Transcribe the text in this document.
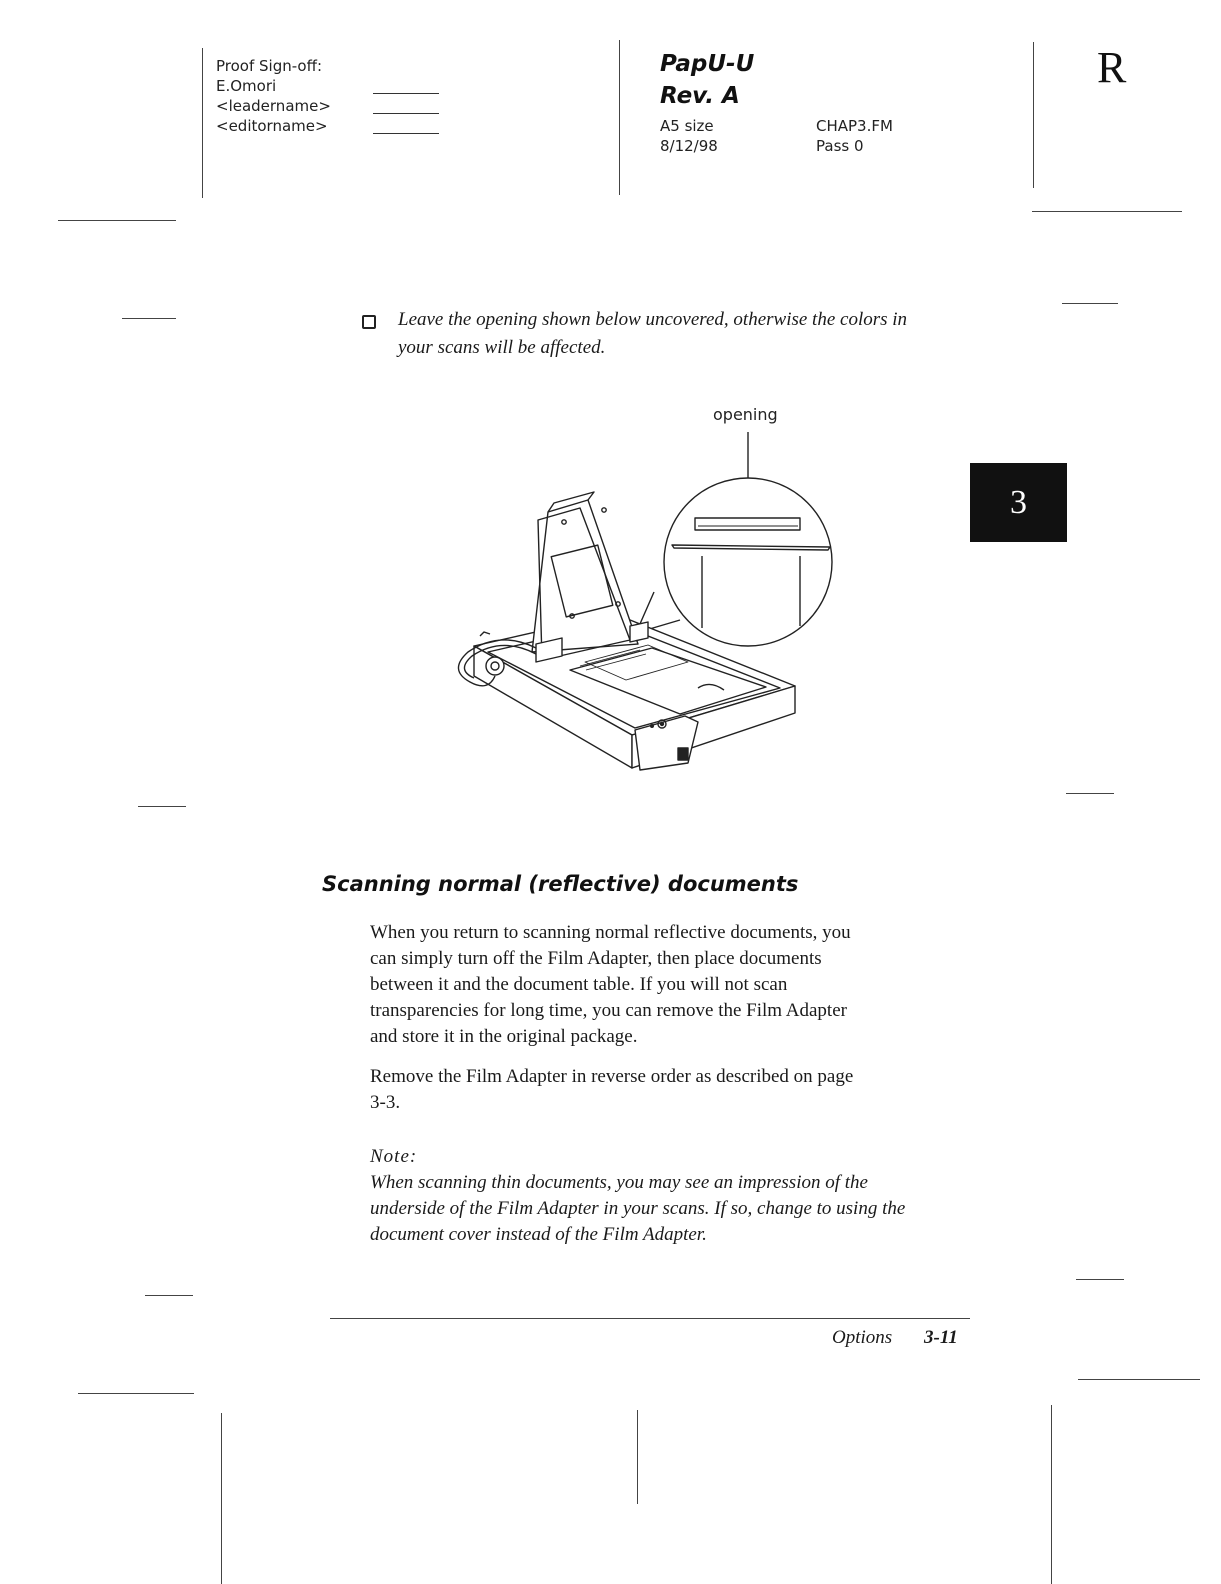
Proof Sign-off:
E.Omori
<leadername>
<editorname>
PapU-U
Rev. A
A5 size
8/12/98
CHAP3.FM
Pass 0
R
3
Leave the opening shown below uncovered, otherwise the colors in
your scans will be affected.
opening
Scanning normal (reflective) documents
When you return to scanning normal reflective documents, you
can simply turn off the Film Adapter, then place documents
between it and the document table. If you will not scan
transparencies for long time, you can remove the Film Adapter
and store it in the original package.
Remove the Film Adapter in reverse order as described on page
3-3.
Note:
When scanning thin documents, you may see an impression of the
underside of the Film Adapter in your scans. If so, change to using the
document cover instead of the Film Adapter.
Options 3-11
